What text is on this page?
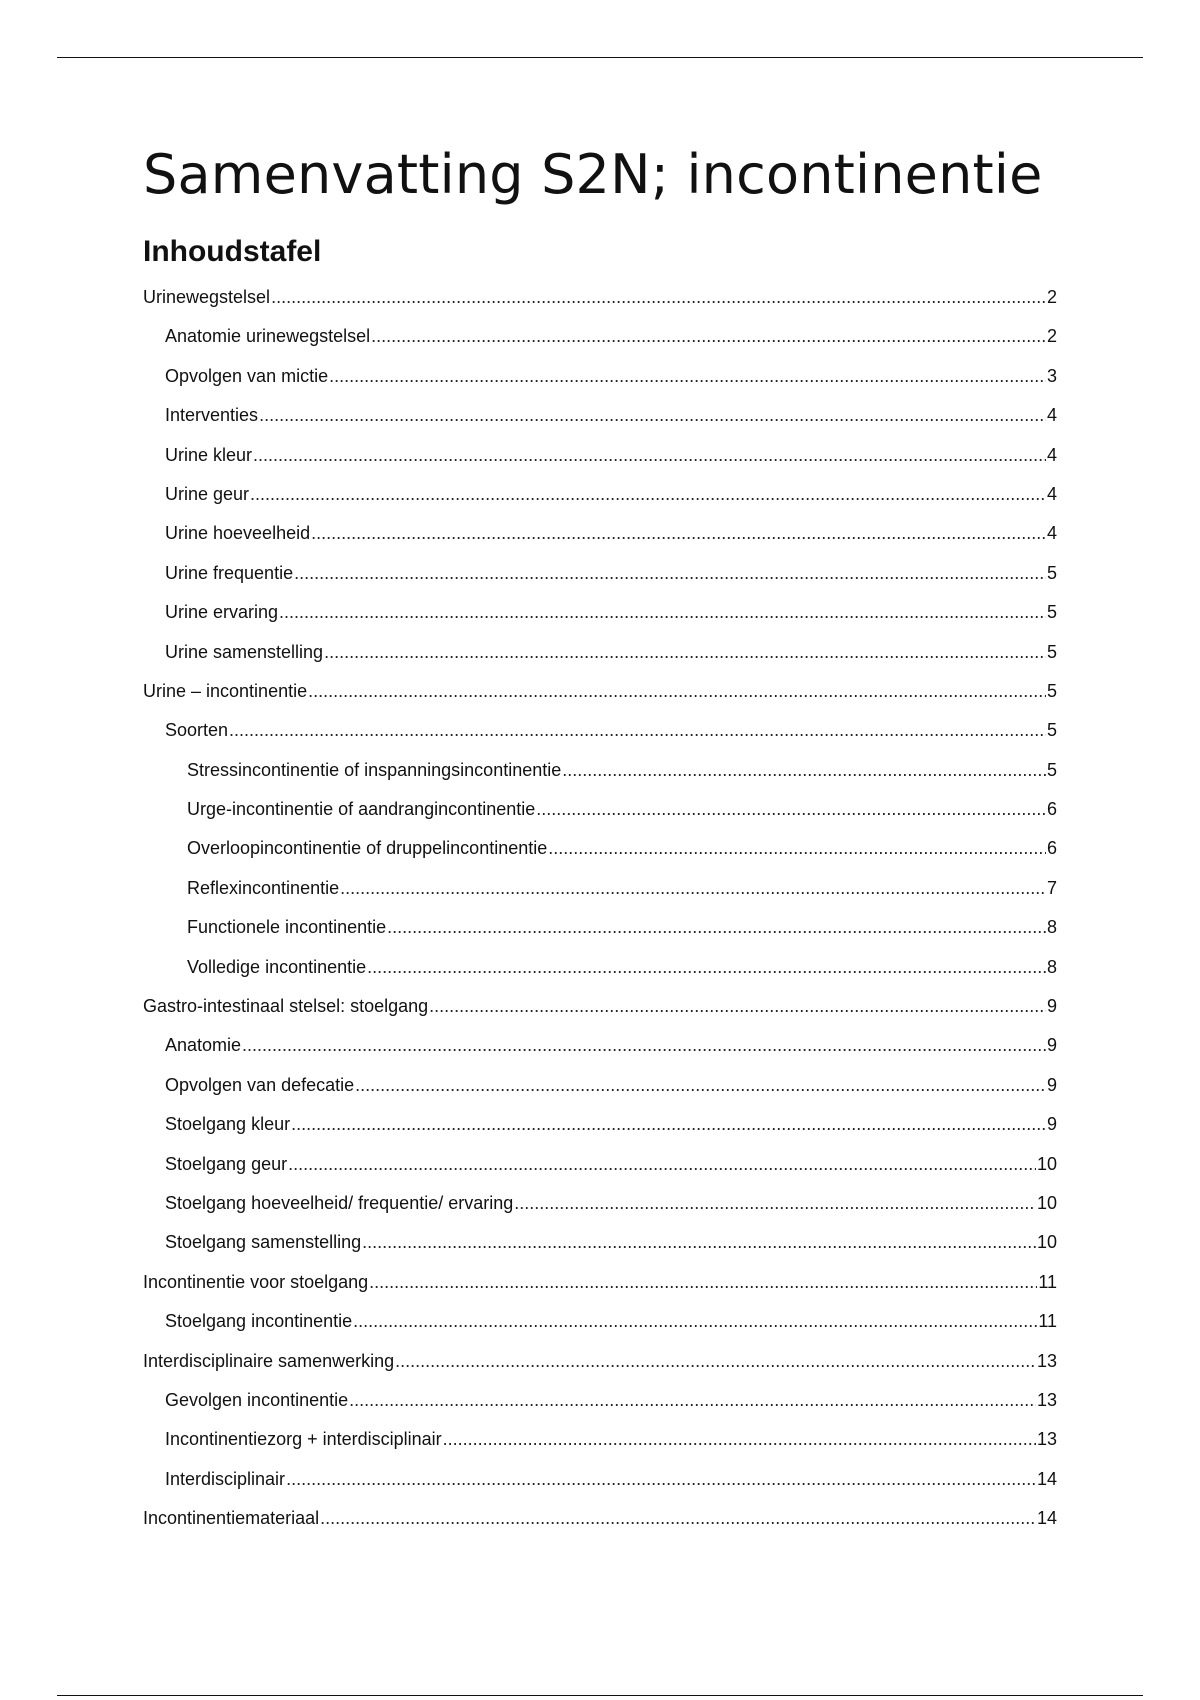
Samenvatting S2N; incontinentie
Inhoudstafel
Urinewegstelsel .....	2
Anatomie urinewegstelsel .....	2
Opvolgen van mictie .....	3
Interventies .....	4
Urine kleur .....	4
Urine geur .....	4
Urine hoeveelheid .....	4
Urine frequentie .....	5
Urine ervaring .....	5
Urine samenstelling .....	5
Urine – incontinentie .....	5
Soorten .....	5
Stressincontinentie of inspanningsincontinentie .....	5
Urge-incontinentie of aandrangincontinentie .....	6
Overloopincontinentie of druppelincontinentie .....	6
Reflexincontinentie .....	7
Functionele incontinentie .....	8
Volledige incontinentie .....	8
Gastro-intestinaal stelsel: stoelgang .....	9
Anatomie .....	9
Opvolgen van defecatie .....	9
Stoelgang kleur .....	9
Stoelgang geur .....	10
Stoelgang hoeveelheid/ frequentie/ ervaring .....	10
Stoelgang samenstelling .....	10
Incontinentie voor stoelgang .....	11
Stoelgang incontinentie .....	11
Interdisciplinaire samenwerking .....	13
Gevolgen incontinentie .....	13
Incontinentiezorg + interdisciplinair .....	13
Interdisciplinair .....	14
Incontinentiemateriaal .....	14
